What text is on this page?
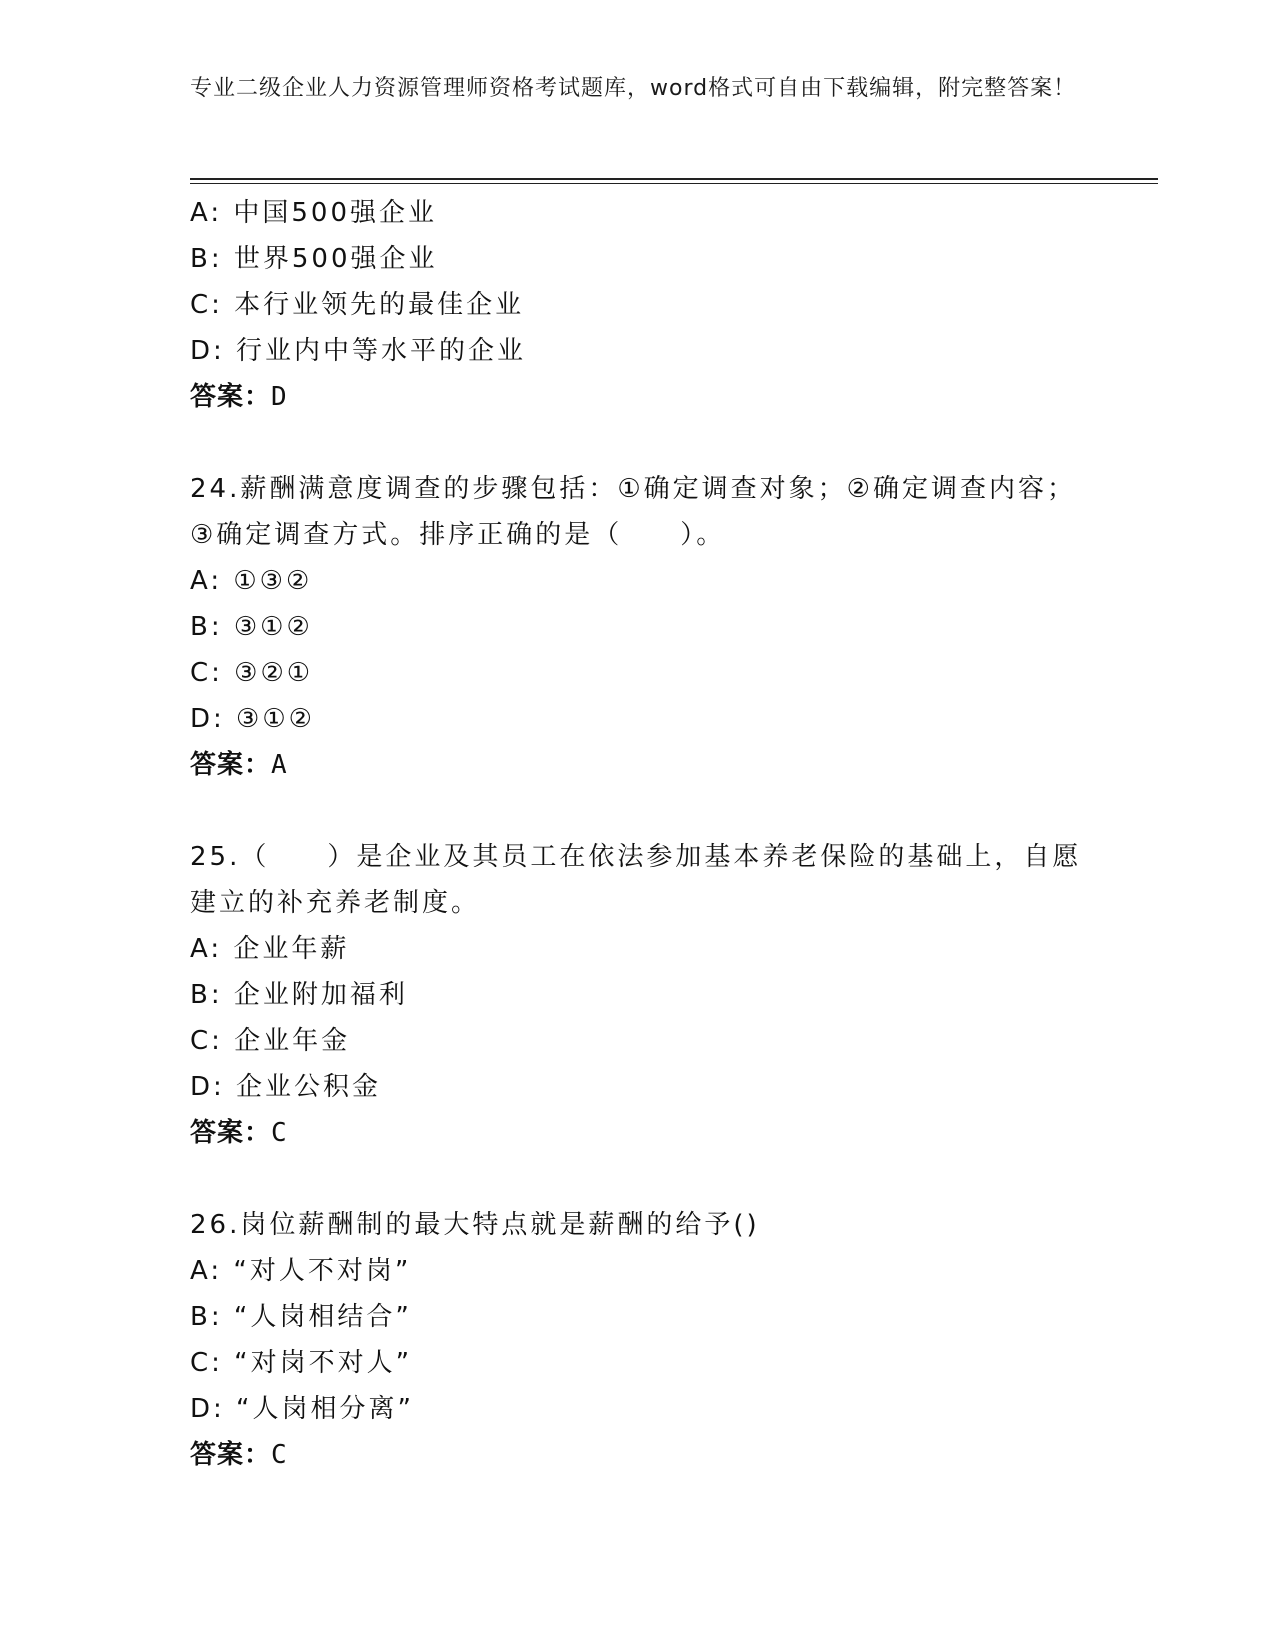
专业二级企业人力资源管理师资格考试题库，word格式可自由下载编辑，附完整答案！
A: 中国500强企业
B: 世界500强企业
C: 本行业领先的最佳企业
D: 行业内中等水平的企业
答案：D
24.薪酬满意度调查的步骤包括：①确定调查对象；②确定调查内容；③确定调查方式。排序正确的是（　　）。
A: ①③②
B: ③①②
C: ③②①
D: ③①②
答案：A
25.（　　）是企业及其员工在依法参加基本养老保险的基础上，自愿建立的补充养老制度。
A: 企业年薪
B: 企业附加福利
C: 企业年金
D: 企业公积金
答案：C
26.岗位薪酬制的最大特点就是薪酬的给予()
A: “对人不对岗”
B: “人岗相结合”
C: “对岗不对人”
D: “人岗相分离”
答案：C
